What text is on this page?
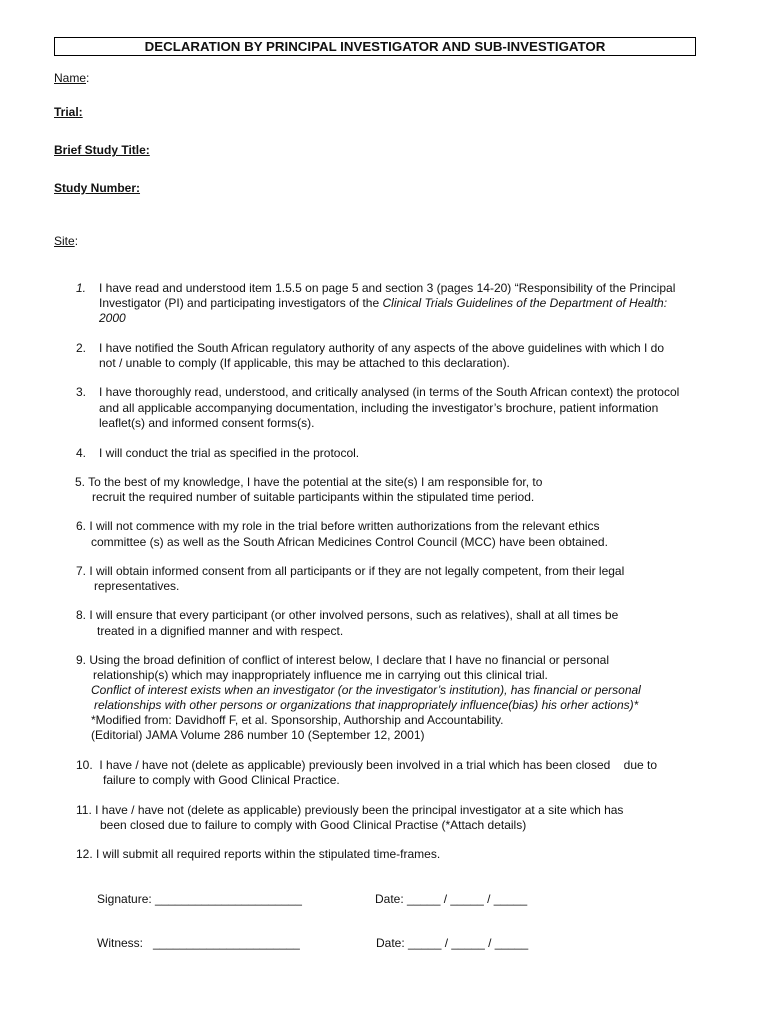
DECLARATION BY PRINCIPAL INVESTIGATOR AND SUB-INVESTIGATOR
Name:
Trial:
Brief Study Title:
Study Number:
Site:
1. I have read and understood item 1.5.5 on page 5 and section 3 (pages 14-20) “Responsibility of the Principal
Investigator (PI) and participating investigators of the Clinical Trials Guidelines of the Department of Health:
2000
2. I have notified the South African regulatory authority of any aspects of the above guidelines with which I do
not / unable to comply (If applicable, this may be attached to this declaration).
3. I have thoroughly read, understood, and critically analysed (in terms of the South African context) the protocol
and all applicable accompanying documentation, including the investigator’s brochure, patient information
leaflet(s) and informed consent forms(s).
4. I will conduct the trial as specified in the protocol.
5. To the best of my knowledge, I have the potential at the site(s) I am responsible for, to
recruit the required number of suitable participants within the stipulated time period.
6. I will not commence with my role in the trial before written authorizations from the relevant ethics
committee (s) as well as the South African Medicines Control Council (MCC) have been obtained.
7. I will obtain informed consent from all participants or if they are not legally competent, from their legal
representatives.
8. I will ensure that every participant (or other involved persons, such as relatives), shall at all times be
treated in a dignified manner and with respect.
9. Using the broad definition of conflict of interest below, I declare that I have no financial or personal
relationship(s) which may inappropriately influence me in carrying out this clinical trial.
Conflict of interest exists when an investigator (or the investigator’s institution), has financial or personal
relationships with other persons or organizations that inappropriately influence(bias) his orher actions)*
*Modified from: Davidhoff F, et al. Sponsorship, Authorship and Accountability.
(Editorial) JAMA Volume 286 number 10 (September 12, 2001)
10.  I have / have not (delete as applicable) previously been involved in a trial which has been closed    due to
failure to comply with Good Clinical Practice.
11. I have / have not (delete as applicable) previously been the principal investigator at a site which has
been closed due to failure to comply with Good Clinical Practise (*Attach details)
12. I will submit all required reports within the stipulated time-frames.
Signature: ______________________	Date: _____ / _____ / _____
Witness:   ______________________	Date: _____ / _____ / _____
